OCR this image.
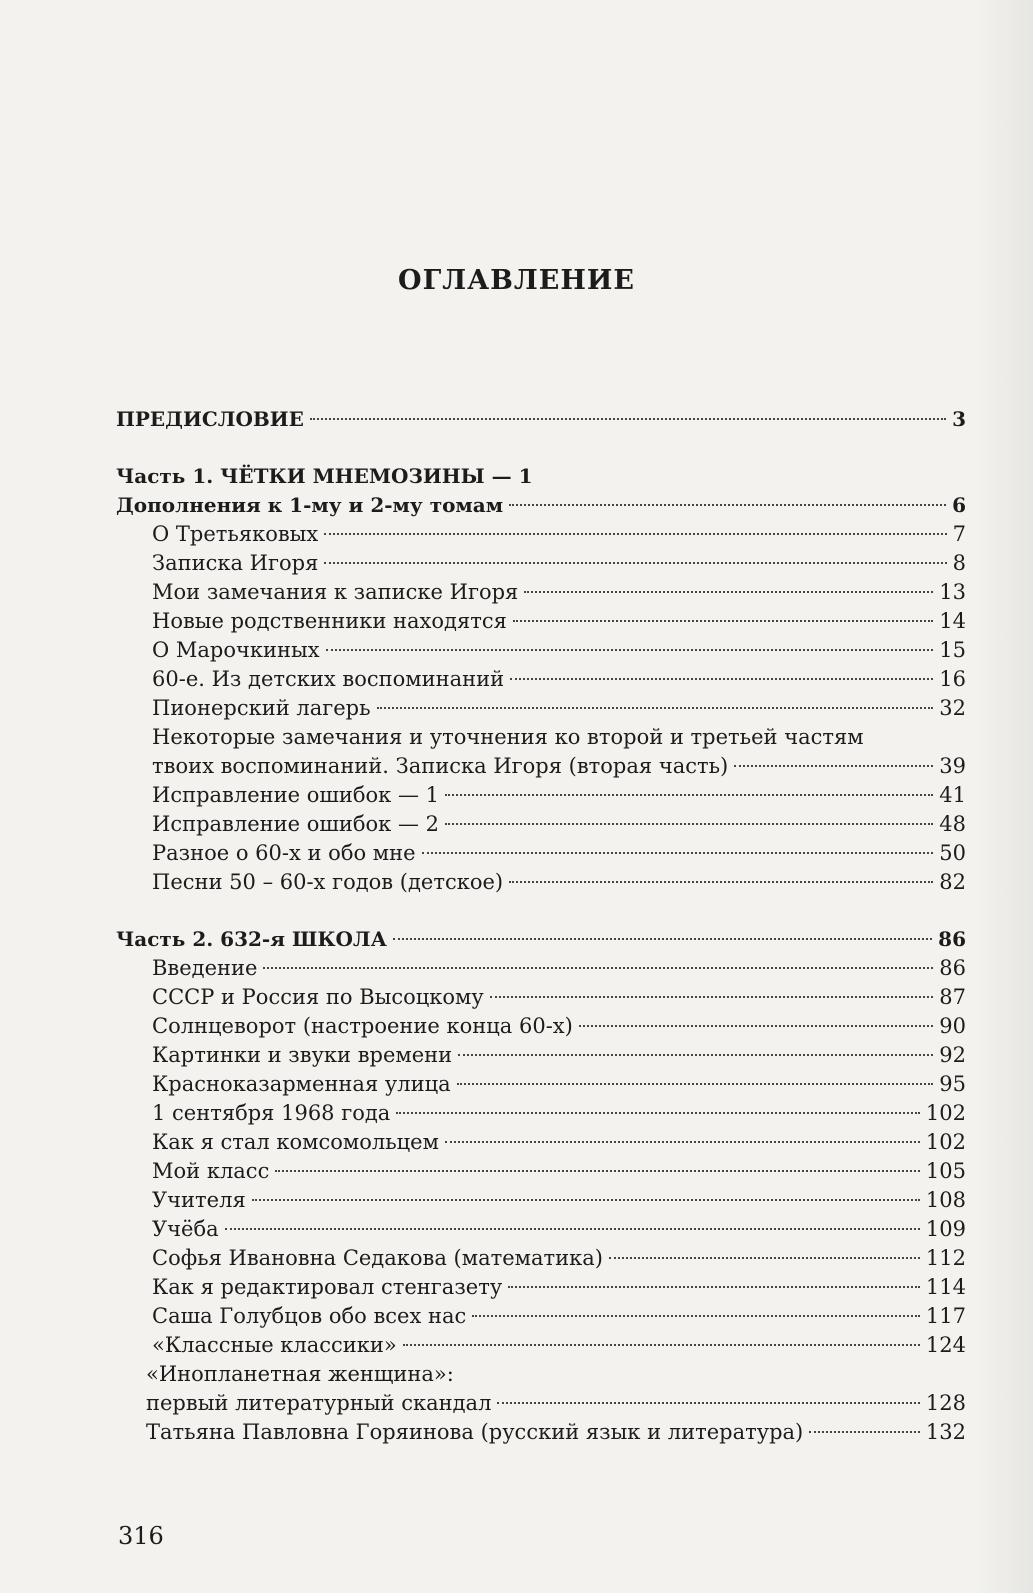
ОГЛАВЛЕНИЕ
ПРЕДИСЛОВИЕ	3
Часть 1. ЧЁТКИ МНЕМОЗИНЫ — 1
Дополнения к 1-му и 2-му томам	6
О Третьяковых	7
Записка Игоря	8
Мои замечания к записке Игоря	13
Новые родственники находятся	14
О Марочкиных	15
60-е. Из детских воспоминаний	16
Пионерский лагерь	32
Некоторые замечания и уточнения ко второй и третьей частям
твоих воспоминаний. Записка Игоря (вторая часть)	39
Исправление ошибок — 1	41
Исправление ошибок — 2	48
Разное о 60-х и обо мне	50
Песни 50 – 60-х годов (детское)	82
Часть 2. 632-я ШКОЛА	86
Введение	86
СССР и Россия по Высоцкому	87
Солнцеворот (настроение конца 60-х)	90
Картинки и звуки времени	92
Красноказарменная улица	95
1 сентября 1968 года	102
Как я стал комсомольцем	102
Мой класс	105
Учителя	108
Учёба	109
Софья Ивановна Седакова (математика)	112
Как я редактировал стенгазету	114
Саша Голубцов обо всех нас	117
«Классные классики»	124
«Инопланетная женщина»:
первый литературный скандал	128
Татьяна Павловна Горяинова (русский язык и литература)	132
316
